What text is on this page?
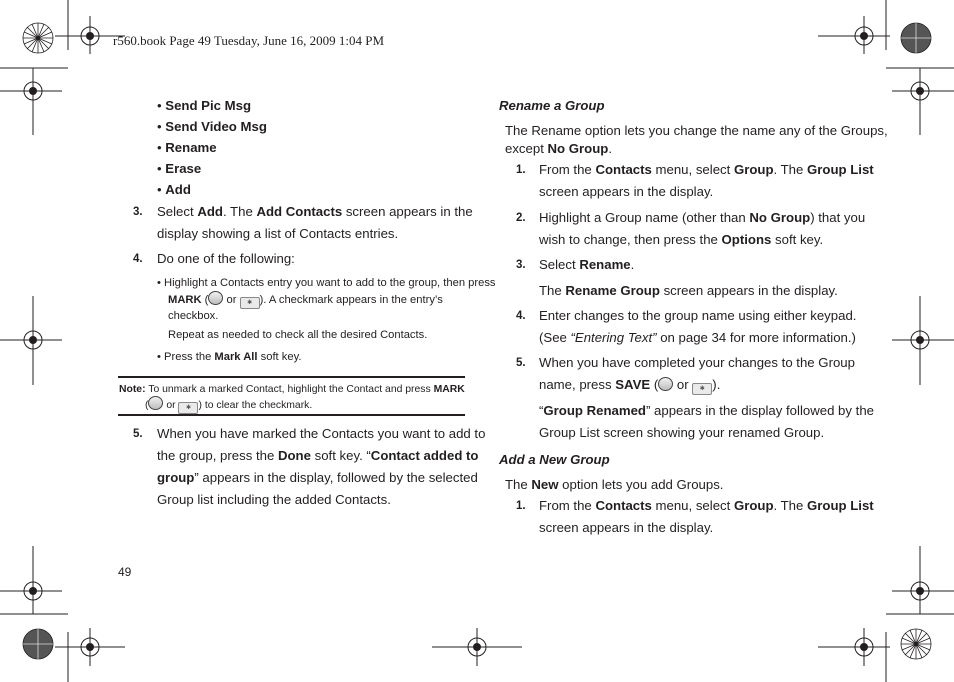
r560.book Page 49 Tuesday, June 16, 2009 1:04 PM
• Send Pic Msg
• Send Video Msg
• Rename
• Erase
• Add
3. Select Add. The Add Contacts screen appears in the
display showing a list of Contacts entries.
4. Do one of the following:
• Highlight a Contacts entry you want to add to the group, then press
MARK ( or ✱ ). A checkmark appears in the entry’s
checkbox.
Repeat as needed to check all the desired Contacts.
• Press the Mark All soft key.
Note: To unmark a marked Contact, highlight the Contact and press MARK
( or ✱ ) to clear the checkmark.
5. When you have marked the Contacts you want to add to
the group, press the Done soft key. “Contact added to
group” appears in the display, followed by the selected
Group list including the added Contacts.
49
Rename a Group
The Rename option lets you change the name any of the Groups,
except No Group.
1. From the Contacts menu, select Group. The Group List
screen appears in the display.
2. Highlight a Group name (other than No Group) that you
wish to change, then press the Options soft key.
3. Select Rename.
The Rename Group screen appears in the display.
4. Enter changes to the group name using either keypad.
(See “Entering Text” on page 34 for more information.)
5. When you have completed your changes to the Group
name, press SAVE ( or ✱ ).
“Group Renamed” appears in the display followed by the
Group List screen showing your renamed Group.
Add a New Group
The New option lets you add Groups.
1. From the Contacts menu, select Group. The Group List
screen appears in the display.
